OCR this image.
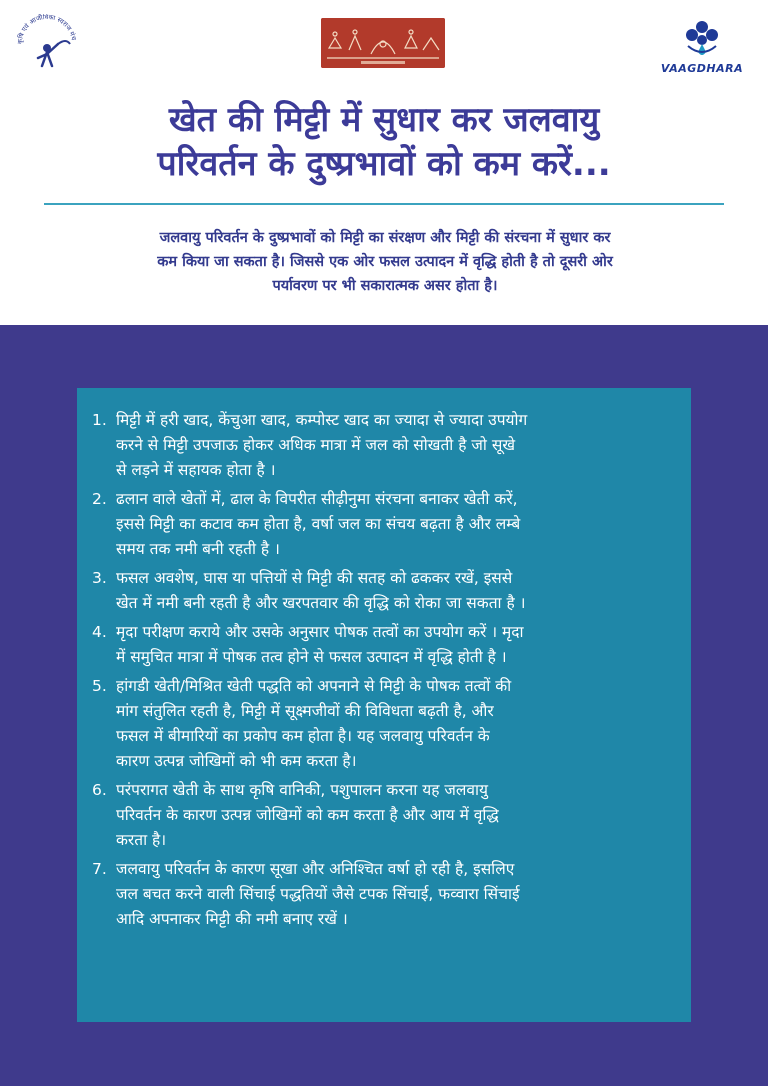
कृषि एवं आजीविका स्वराज मंच
VAAGDHARA
खेत की मिट्टी में सुधार कर जलवायु
परिवर्तन के दुष्प्रभावों को कम करें...
जलवायु परिवर्तन के दुष्प्रभावों को मिट्टी का संरक्षण और मिट्टी की संरचना में सुधार कर
कम किया जा सकता है। जिससे एक ओर फसल उत्पादन में वृद्धि होती है तो दूसरी ओर
पर्यावरण पर भी सकारात्मक असर होता है।
1. मिट्टी में हरी खाद, केंचुआ खाद, कम्पोस्ट खाद का ज्यादा से ज्यादा उपयोग
करने से मिट्टी उपजाऊ होकर अधिक मात्रा में जल को सोखती है जो सूखे
से लड़ने में सहायक होता है ।
2. ढलान वाले खेतों में, ढाल के विपरीत सीढ़ीनुमा संरचना बनाकर खेती करें,
इससे मिट्टी का कटाव कम होता है, वर्षा जल का संचय बढ़ता है और लम्बे
समय तक नमी बनी रहती है ।
3. फसल अवशेष, घास या पत्तियों से मिट्टी की सतह को ढककर रखें, इससे
खेत में नमी बनी रहती है और खरपतवार की वृद्धि को रोका जा सकता है ।
4. मृदा परीक्षण कराये और उसके अनुसार पोषक तत्वों का उपयोग करें । मृदा
में समुचित मात्रा में पोषक तत्व होने से फसल उत्पादन में वृद्धि होती है ।
5. हांगडी खेती/मिश्रित खेती पद्धति को अपनाने से मिट्टी के पोषक तत्वों की
मांग संतुलित रहती है, मिट्टी में सूक्ष्मजीवों की विविधता बढ़ती है, और
फसल में बीमारियों का प्रकोप कम होता है। यह जलवायु परिवर्तन के
कारण उत्पन्न जोखिमों को भी कम करता है।
6. परंपरागत खेती के साथ कृषि वानिकी, पशुपालन करना यह जलवायु
परिवर्तन के कारण उत्पन्न जोखिमों को कम करता है और आय में वृद्धि
करता है।
7. जलवायु परिवर्तन के कारण सूखा और अनिश्चित वर्षा हो रही है, इसलिए
जल बचत करने वाली सिंचाई पद्धतियों जैसे टपक सिंचाई, फव्वारा सिंचाई
आदि अपनाकर मिट्टी की नमी बनाए रखें ।
